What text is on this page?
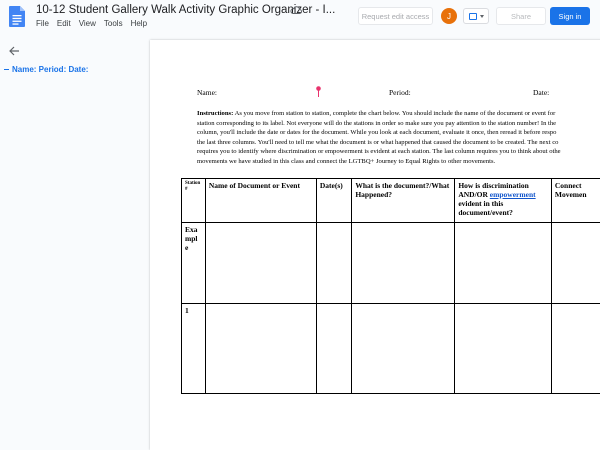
10-12 Student Gallery Walk Activity Graphic Organizer - I...
File Edit View Tools Help
Request edit access	J	Share	Sign in
Name: Period: Date:
Name:	Period:	Date:
Instructions: As you move from station to station, complete the chart below. You should include the name of the document or event for
station corresponding to its label. Not everyone will do the stations in order so make sure you pay attention to the station number! In the
column, you'll include the date or dates for the document. While you look at each document, evaluate it once, then reread it before respo
the last three columns. You'll need to tell me what the document is or what happened that caused the document to be created. The next co
requires you to identify where discrimination or empowerment is evident at each station. The last column requires you to think about othe
movements we have studied in this class and connect the LGTBQ+ Journey to Equal Rights to other movements.
Station #	Name of Document or Event	Date(s)	What is the document?/What Happened?	How is discrimination AND/OR empowerment evident in this document/event?	Connect Movemen
Exa mpl e					
1					
